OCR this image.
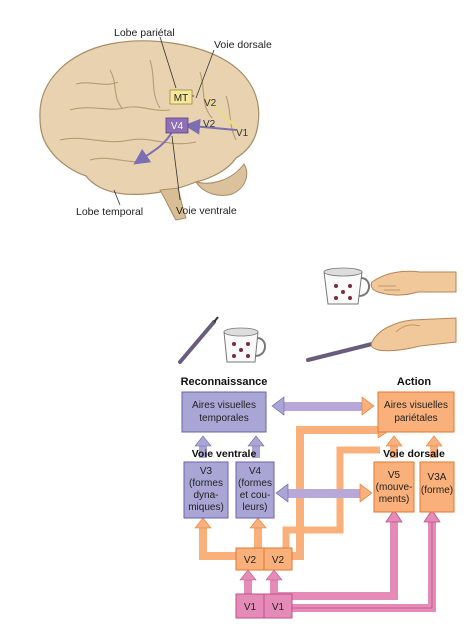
MT
V4
V2
V2
V1
Lobe pariétal
Voie dorsale
Lobe temporal	Voie ventrale
Reconnaissance	Action
Aires visuelles
temporales
Aires visuelles
pariétales
Voie ventrale	Voie dorsale
V3
(formes
dyna-
miques)
V4
(formes
et cou-
leurs)
V5
(mouve-
ments)
V3A
(forme)
V2 V2
V1 V1
